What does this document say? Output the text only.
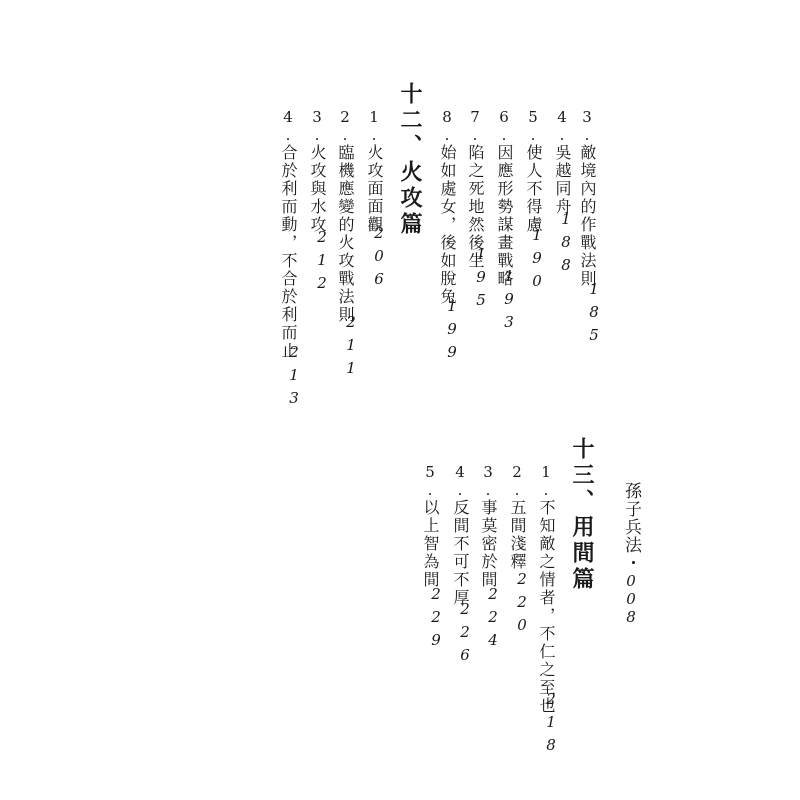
孫子兵法・008
3.敵境內的作戰法則
185
4.吳越同舟
188
5.使人不得慮
190
6.因應形勢謀畫戰略
193
7.陷之死地然後生
195
8.始如處女，後如脫兔
199
十二、火攻篇
1.火攻面面觀
206
2.臨機應變的火攻戰法則
211
3.火攻與水攻
212
4.合於利而動，不合於利而止
213
十三、用間篇
1.不知敵之情者，不仁之至也
218
2.五間淺釋
220
3.事莫密於間
224
4.反間不可不厚
226
5.以上智為間
229
